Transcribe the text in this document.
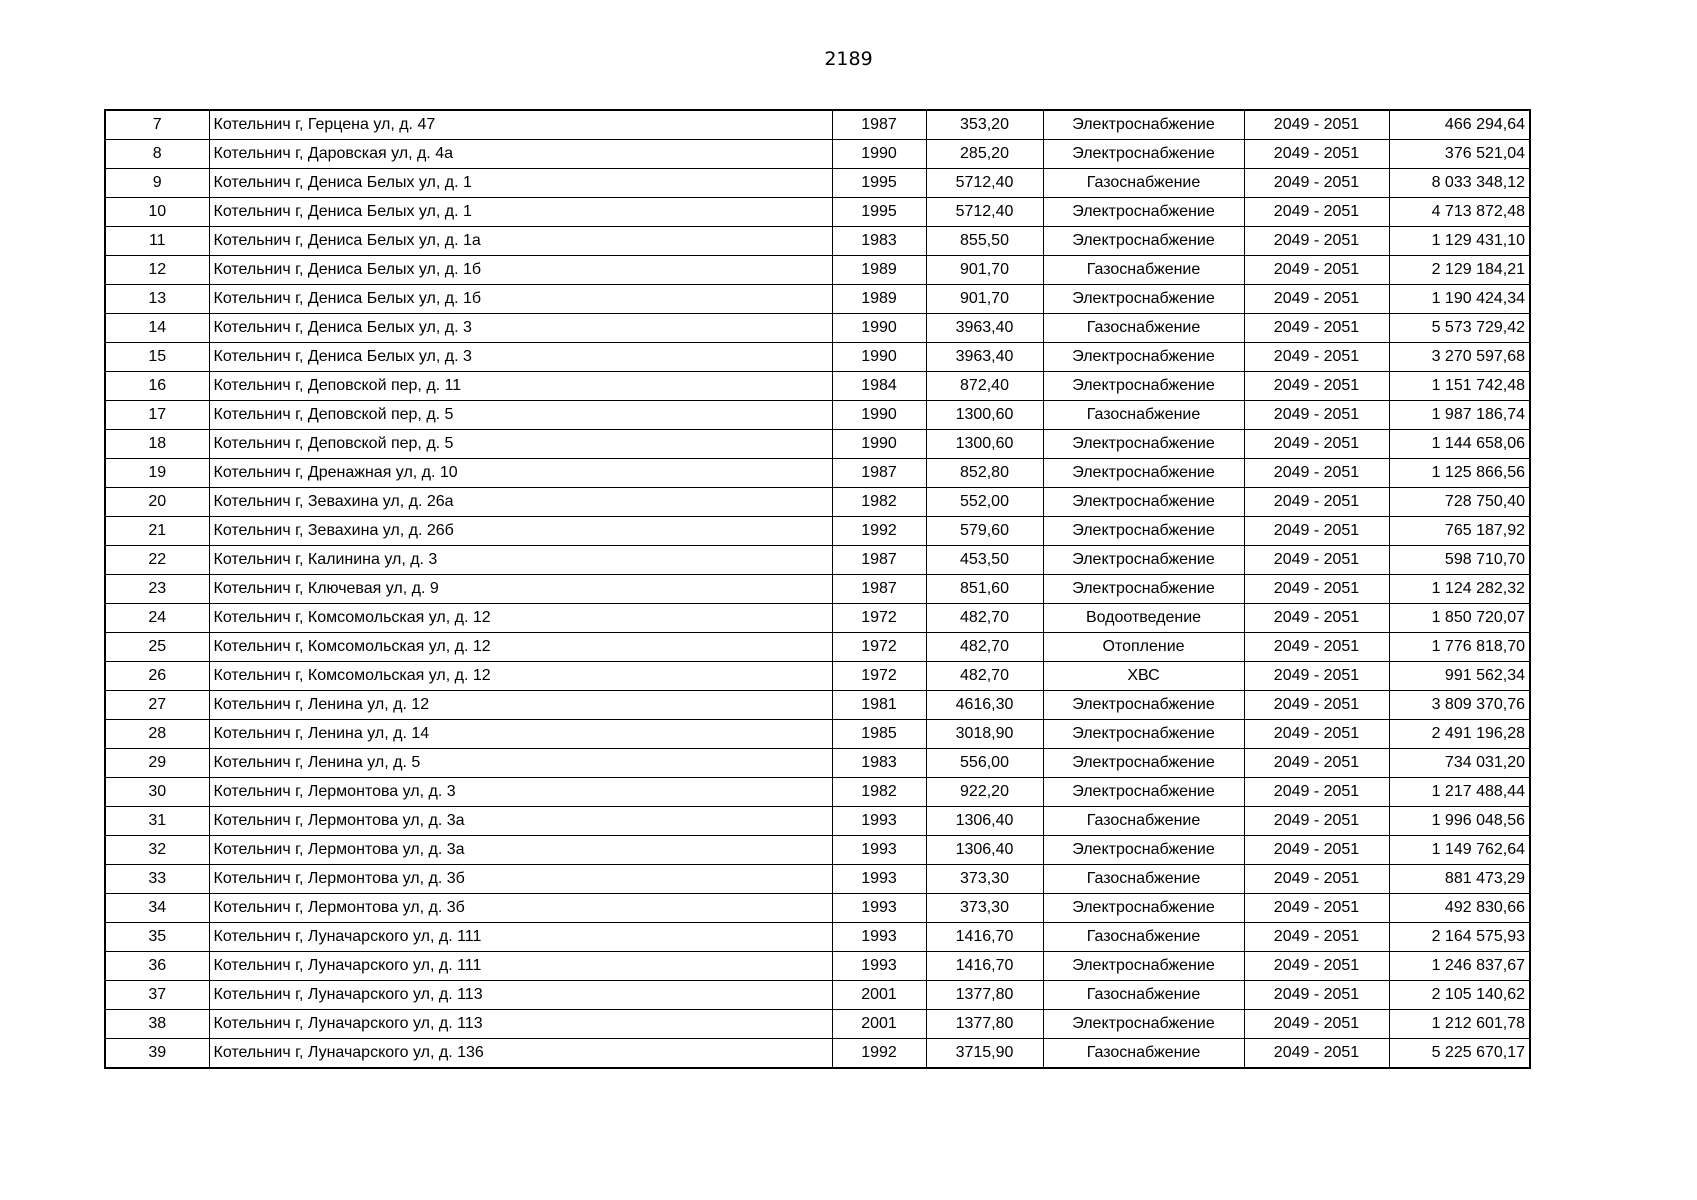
2189
7	Котельнич г, Герцена ул, д. 47	1987	353,20	Электроснабжение	2049 - 2051	466 294,64
8	Котельнич г, Даровская ул, д. 4а	1990	285,20	Электроснабжение	2049 - 2051	376 521,04
9	Котельнич г, Дениса Белых ул, д. 1	1995	5712,40	Газоснабжение	2049 - 2051	8 033 348,12
10	Котельнич г, Дениса Белых ул, д. 1	1995	5712,40	Электроснабжение	2049 - 2051	4 713 872,48
11	Котельнич г, Дениса Белых ул, д. 1а	1983	855,50	Электроснабжение	2049 - 2051	1 129 431,10
12	Котельнич г, Дениса Белых ул, д. 1б	1989	901,70	Газоснабжение	2049 - 2051	2 129 184,21
13	Котельнич г, Дениса Белых ул, д. 1б	1989	901,70	Электроснабжение	2049 - 2051	1 190 424,34
14	Котельнич г, Дениса Белых ул, д. 3	1990	3963,40	Газоснабжение	2049 - 2051	5 573 729,42
15	Котельнич г, Дениса Белых ул, д. 3	1990	3963,40	Электроснабжение	2049 - 2051	3 270 597,68
16	Котельнич г, Деповской пер, д. 11	1984	872,40	Электроснабжение	2049 - 2051	1 151 742,48
17	Котельнич г, Деповской пер, д. 5	1990	1300,60	Газоснабжение	2049 - 2051	1 987 186,74
18	Котельнич г, Деповской пер, д. 5	1990	1300,60	Электроснабжение	2049 - 2051	1 144 658,06
19	Котельнич г, Дренажная ул, д. 10	1987	852,80	Электроснабжение	2049 - 2051	1 125 866,56
20	Котельнич г, Зевахина ул, д. 26а	1982	552,00	Электроснабжение	2049 - 2051	728 750,40
21	Котельнич г, Зевахина ул, д. 26б	1992	579,60	Электроснабжение	2049 - 2051	765 187,92
22	Котельнич г, Калинина ул, д. 3	1987	453,50	Электроснабжение	2049 - 2051	598 710,70
23	Котельнич г, Ключевая ул, д. 9	1987	851,60	Электроснабжение	2049 - 2051	1 124 282,32
24	Котельнич г, Комсомольская ул, д. 12	1972	482,70	Водоотведение	2049 - 2051	1 850 720,07
25	Котельнич г, Комсомольская ул, д. 12	1972	482,70	Отопление	2049 - 2051	1 776 818,70
26	Котельнич г, Комсомольская ул, д. 12	1972	482,70	ХВС	2049 - 2051	991 562,34
27	Котельнич г, Ленина ул, д. 12	1981	4616,30	Электроснабжение	2049 - 2051	3 809 370,76
28	Котельнич г, Ленина ул, д. 14	1985	3018,90	Электроснабжение	2049 - 2051	2 491 196,28
29	Котельнич г, Ленина ул, д. 5	1983	556,00	Электроснабжение	2049 - 2051	734 031,20
30	Котельнич г, Лермонтова ул, д. 3	1982	922,20	Электроснабжение	2049 - 2051	1 217 488,44
31	Котельнич г, Лермонтова ул, д. 3а	1993	1306,40	Газоснабжение	2049 - 2051	1 996 048,56
32	Котельнич г, Лермонтова ул, д. 3а	1993	1306,40	Электроснабжение	2049 - 2051	1 149 762,64
33	Котельнич г, Лермонтова ул, д. 3б	1993	373,30	Газоснабжение	2049 - 2051	881 473,29
34	Котельнич г, Лермонтова ул, д. 3б	1993	373,30	Электроснабжение	2049 - 2051	492 830,66
35	Котельнич г, Луначарского ул, д. 111	1993	1416,70	Газоснабжение	2049 - 2051	2 164 575,93
36	Котельнич г, Луначарского ул, д. 111	1993	1416,70	Электроснабжение	2049 - 2051	1 246 837,67
37	Котельнич г, Луначарского ул, д. 113	2001	1377,80	Газоснабжение	2049 - 2051	2 105 140,62
38	Котельнич г, Луначарского ул, д. 113	2001	1377,80	Электроснабжение	2049 - 2051	1 212 601,78
39	Котельнич г, Луначарского ул, д. 136	1992	3715,90	Газоснабжение	2049 - 2051	5 225 670,17
